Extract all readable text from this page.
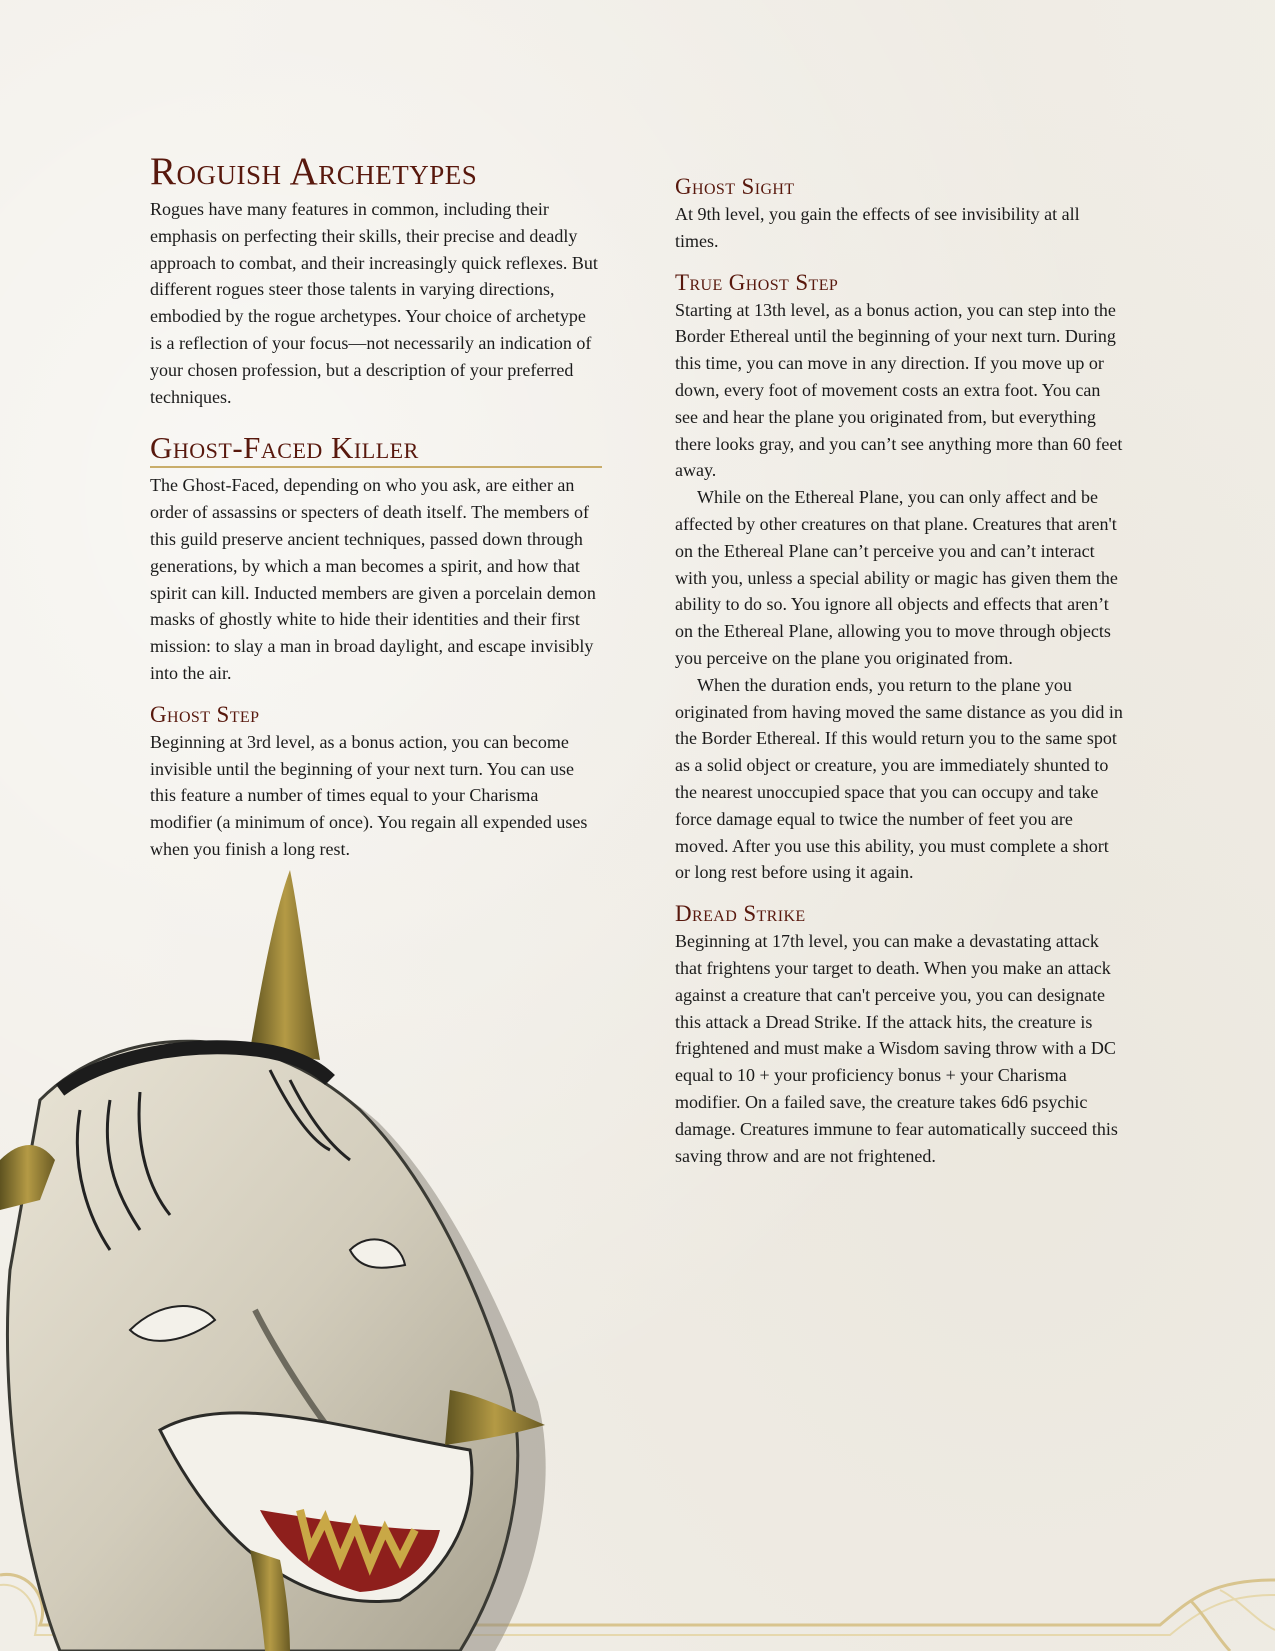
Roguish Archetypes

Rogues have many features in common, including their emphasis on perfecting their skills, their precise and deadly approach to combat, and their increasingly quick reflexes. But different rogues steer those talents in varying directions, embodied by the rogue archetypes. Your choice of archetype is a reflection of your focus—not necessarily an indication of your chosen profession, but a description of your preferred techniques.

Ghost-Faced Killer

The Ghost-Faced, depending on who you ask, are either an order of assassins or specters of death itself. The members of this guild preserve ancient techniques, passed down through generations, by which a man becomes a spirit, and how that spirit can kill. Inducted members are given a porcelain demon masks of ghostly white to hide their identities and their first mission: to slay a man in broad daylight, and escape invisibly into the air.

Ghost Step

Beginning at 3rd level, as a bonus action, you can become invisible until the beginning of your next turn. You can use this feature a number of times equal to your Charisma modifier (a minimum of once). You regain all expended uses when you finish a long rest.

Ghost Sight

At 9th level, you gain the effects of see invisibility at all times.

True Ghost Step

Starting at 13th level, as a bonus action, you can step into the Border Ethereal until the beginning of your next turn. During this time, you can move in any direction. If you move up or down, every foot of movement costs an extra foot. You can see and hear the plane you originated from, but everything there looks gray, and you can’t see anything more than 60 feet away.

While on the Ethereal Plane, you can only affect and be affected by other creatures on that plane. Creatures that aren't on the Ethereal Plane can’t perceive you and can’t interact with you, unless a special ability or magic has given them the ability to do so. You ignore all objects and effects that aren’t on the Ethereal Plane, allowing you to move through objects you perceive on the plane you originated from.

When the duration ends, you return to the plane you originated from having moved the same distance as you did in the Border Ethereal. If this would return you to the same spot as a solid object or creature, you are immediately shunted to the nearest unoccupied space that you can occupy and take force damage equal to twice the number of feet you are moved. After you use this ability, you must complete a short or long rest before using it again.

Dread Strike

Beginning at 17th level, you can make a devastating attack that frightens your target to death. When you make an attack against a creature that can't perceive you, you can designate this attack a Dread Strike. If the attack hits, the creature is frightened and must make a Wisdom saving throw with a DC equal to 10 + your proficiency bonus + your Charisma modifier. On a failed save, the creature takes 6d6 psychic damage. Creatures immune to fear automatically succeed this saving throw and are not frightened.
